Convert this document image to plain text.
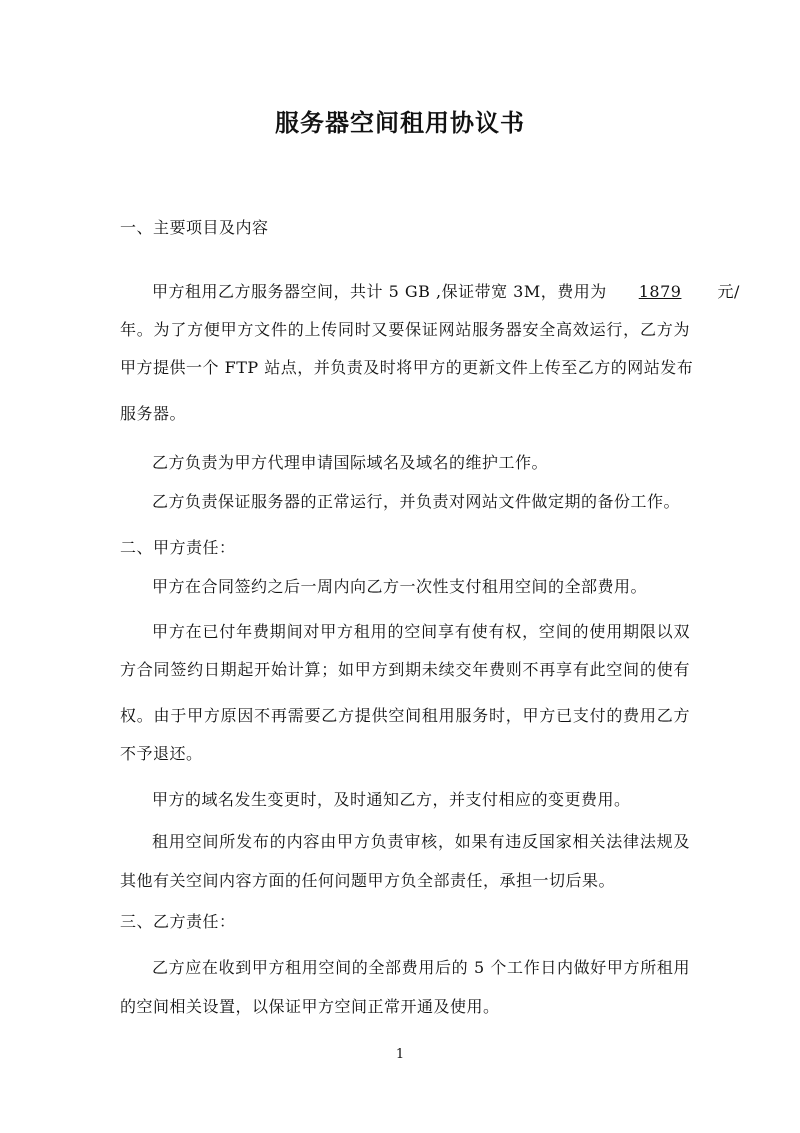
服务器空间租用协议书
一、主要项目及内容
甲方租用乙方服务器空间，共计 5 GB ,保证带宽 3M，费用为 1879 元/
年。为了方便甲方文件的上传同时又要保证网站服务器安全高效运行，乙方为
甲方提供一个 FTP 站点，并负责及时将甲方的更新文件上传至乙方的网站发布
服务器。
乙方负责为甲方代理申请国际域名及域名的维护工作。
乙方负责保证服务器的正常运行，并负责对网站文件做定期的备份工作。
二、甲方责任：
甲方在合同签约之后一周内向乙方一次性支付租用空间的全部费用。
甲方在已付年费期间对甲方租用的空间享有使有权，空间的使用期限以双
方合同签约日期起开始计算；如甲方到期未续交年费则不再享有此空间的使有
权。由于甲方原因不再需要乙方提供空间租用服务时，甲方已支付的费用乙方
不予退还。
甲方的域名发生变更时，及时通知乙方，并支付相应的变更费用。
租用空间所发布的内容由甲方负责审核，如果有违反国家相关法律法规及
其他有关空间内容方面的任何问题甲方负全部责任，承担一切后果。
三、乙方责任：
乙方应在收到甲方租用空间的全部费用后的 5 个工作日内做好甲方所租用
的空间相关设置，以保证甲方空间正常开通及使用。
1
